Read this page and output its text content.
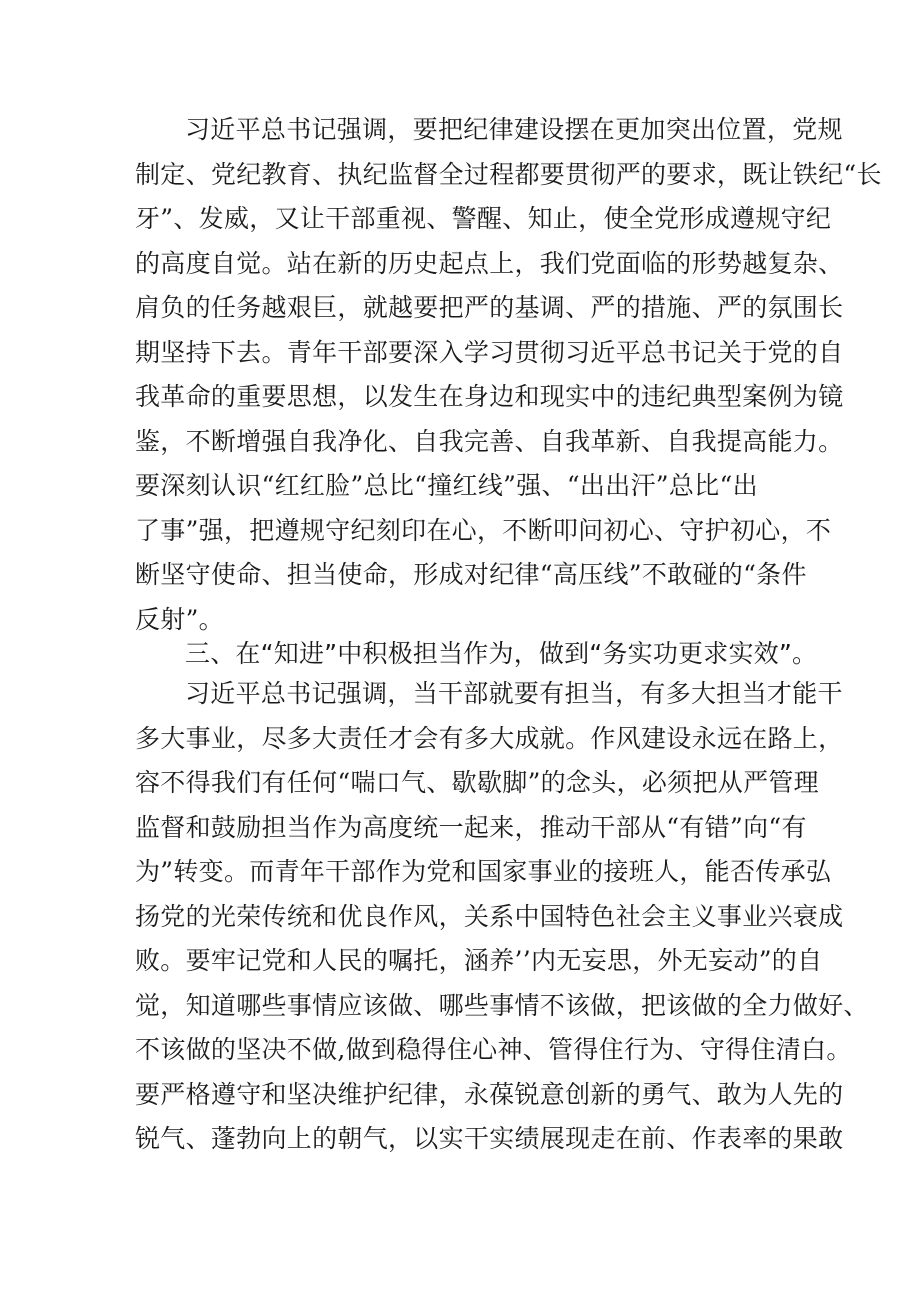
习近平总书记强调，要把纪律建设摆在更加突出位置，党规
制定、党纪教育、执纪监督全过程都要贯彻严的要求，既让铁纪“长
牙”、发威，又让干部重视、警醒、知止，使全党形成遵规守纪
的高度自觉。站在新的历史起点上，我们党面临的形势越复杂、
肩负的任务越艰巨，就越要把严的基调、严的措施、严的氛围长
期坚持下去。青年干部要深入学习贯彻习近平总书记关于党的自
我革命的重要思想，以发生在身边和现实中的违纪典型案例为镜
鉴，不断增强自我净化、自我完善、自我革新、自我提高能力。
要深刻认识“红红脸”总比“撞红线”强、“出出汗”总比“出
了事”强，把遵规守纪刻印在心，不断叩问初心、守护初心，不
断坚守使命、担当使命，形成对纪律“高压线”不敢碰的“条件
反射”。
三、在“知进”中积极担当作为，做到“务实功更求实效”。
习近平总书记强调，当干部就要有担当，有多大担当才能干
多大事业，尽多大责任才会有多大成就。作风建设永远在路上，
容不得我们有任何“喘口气、歇歇脚”的念头，必须把从严管理
监督和鼓励担当作为高度统一起来，推动干部从“有错”向“有
为”转变。而青年干部作为党和国家事业的接班人，能否传承弘
扬党的光荣传统和优良作风，关系中国特色社会主义事业兴衰成
败。要牢记党和人民的嘱托，涵养’’内无妄思，外无妄动”的自
觉，知道哪些事情应该做、哪些事情不该做，把该做的全力做好、
不该做的坚决不做,做到稳得住心神、管得住行为、守得住清白。
要严格遵守和坚决维护纪律，永葆锐意创新的勇气、敢为人先的
锐气、蓬勃向上的朝气，以实干实绩展现走在前、作表率的果敢
